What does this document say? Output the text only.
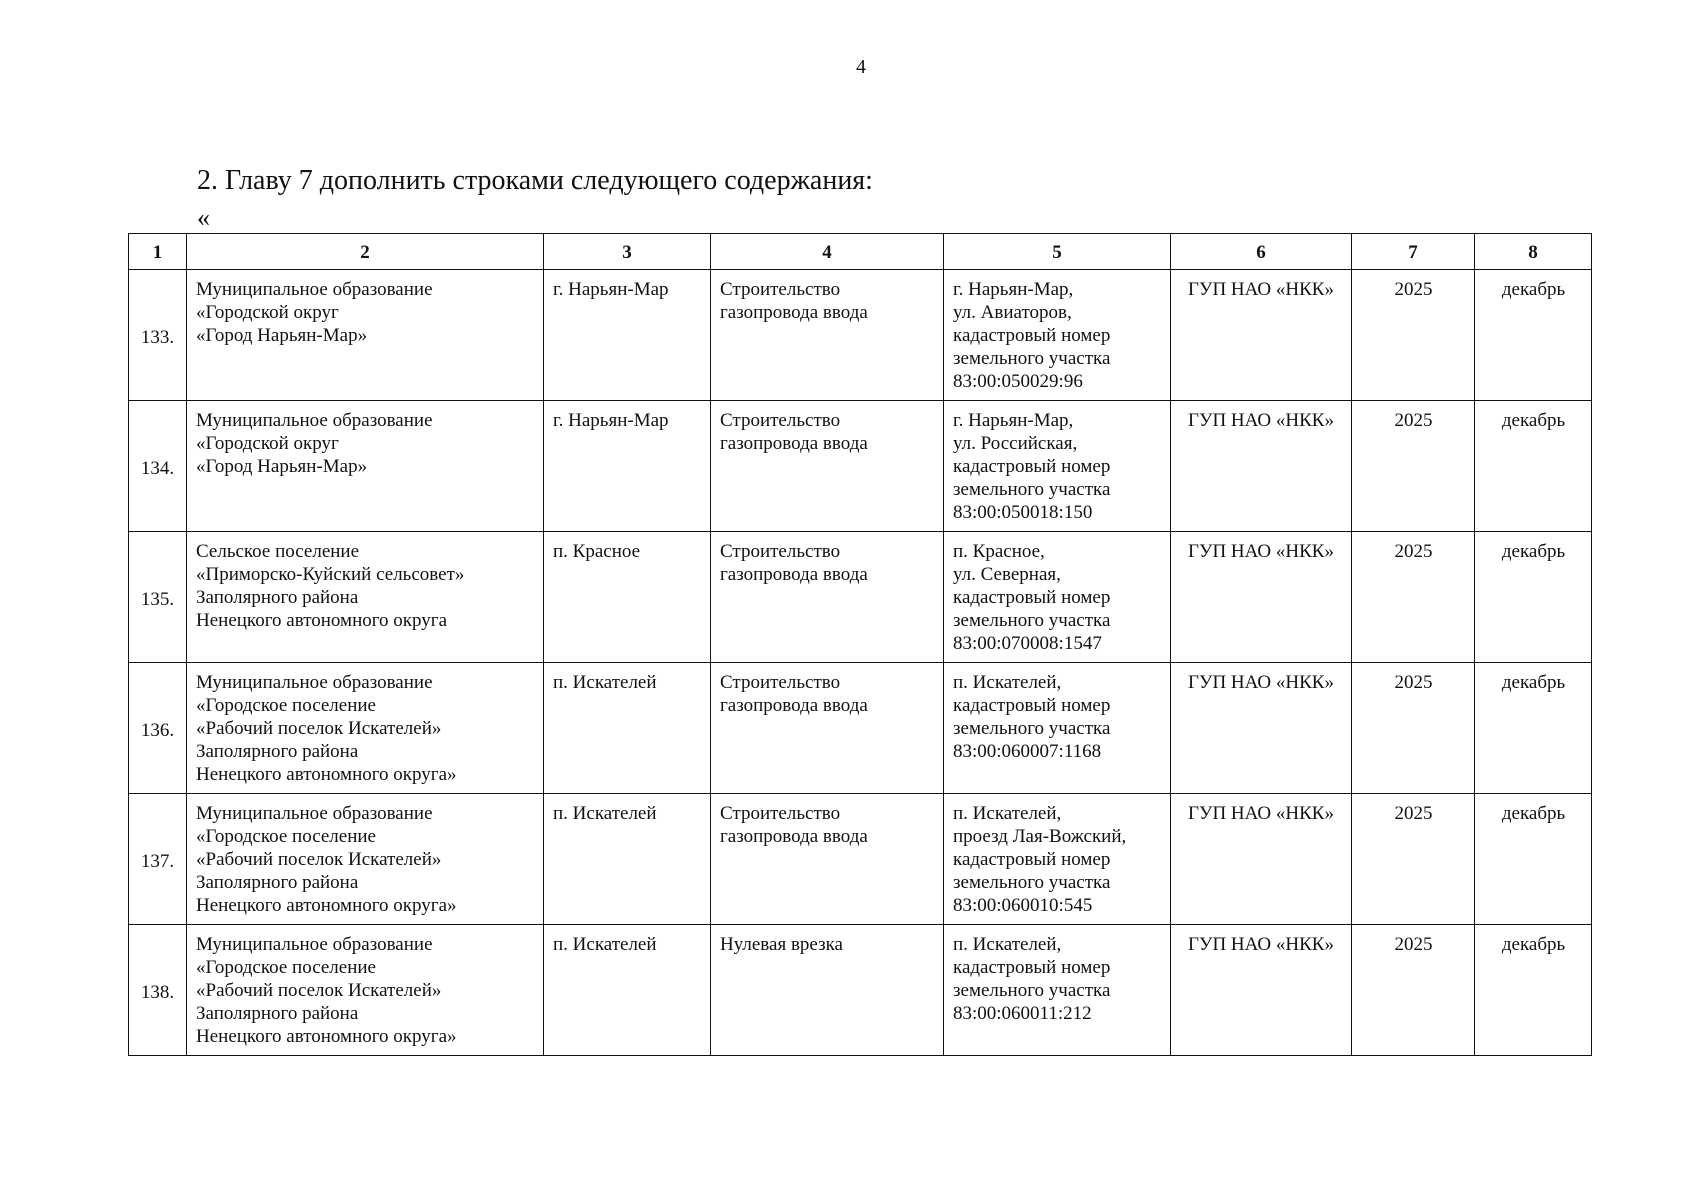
4
2. Главу 7 дополнить строками следующего содержания:
«
1	2	3	4	5	6	7	8
133.	Муниципальное образование
«Городской округ
«Город Нарьян-Мар»	г. Нарьян-Мар	Строительство
газопровода ввода	г. Нарьян-Мар,
ул. Авиаторов,
кадастровый номер
земельного участка
83:00:050029:96	ГУП НАО «НКК»	2025	декабрь
134.	Муниципальное образование
«Городской округ
«Город Нарьян-Мар»	г. Нарьян-Мар	Строительство
газопровода ввода	г. Нарьян-Мар,
ул. Российская,
кадастровый номер
земельного участка
83:00:050018:150	ГУП НАО «НКК»	2025	декабрь
135.	Сельское поселение
«Приморско-Куйский сельсовет»
Заполярного района
Ненецкого автономного округа	п. Красное	Строительство
газопровода ввода	п. Красное,
ул. Северная,
кадастровый номер
земельного участка
83:00:070008:1547	ГУП НАО «НКК»	2025	декабрь
136.	Муниципальное образование
«Городское поселение
«Рабочий поселок Искателей»
Заполярного района
Ненецкого автономного округа»	п. Искателей	Строительство
газопровода ввода	п. Искателей,
кадастровый номер
земельного участка
83:00:060007:1168	ГУП НАО «НКК»	2025	декабрь
137.	Муниципальное образование
«Городское поселение
«Рабочий поселок Искателей»
Заполярного района
Ненецкого автономного округа»	п. Искателей	Строительство
газопровода ввода	п. Искателей,
проезд Лая-Вожский,
кадастровый номер
земельного участка
83:00:060010:545	ГУП НАО «НКК»	2025	декабрь
138.	Муниципальное образование
«Городское поселение
«Рабочий поселок Искателей»
Заполярного района
Ненецкого автономного округа»	п. Искателей	Нулевая врезка	п. Искателей,
кадастровый номер
земельного участка
83:00:060011:212	ГУП НАО «НКК»	2025	декабрь
